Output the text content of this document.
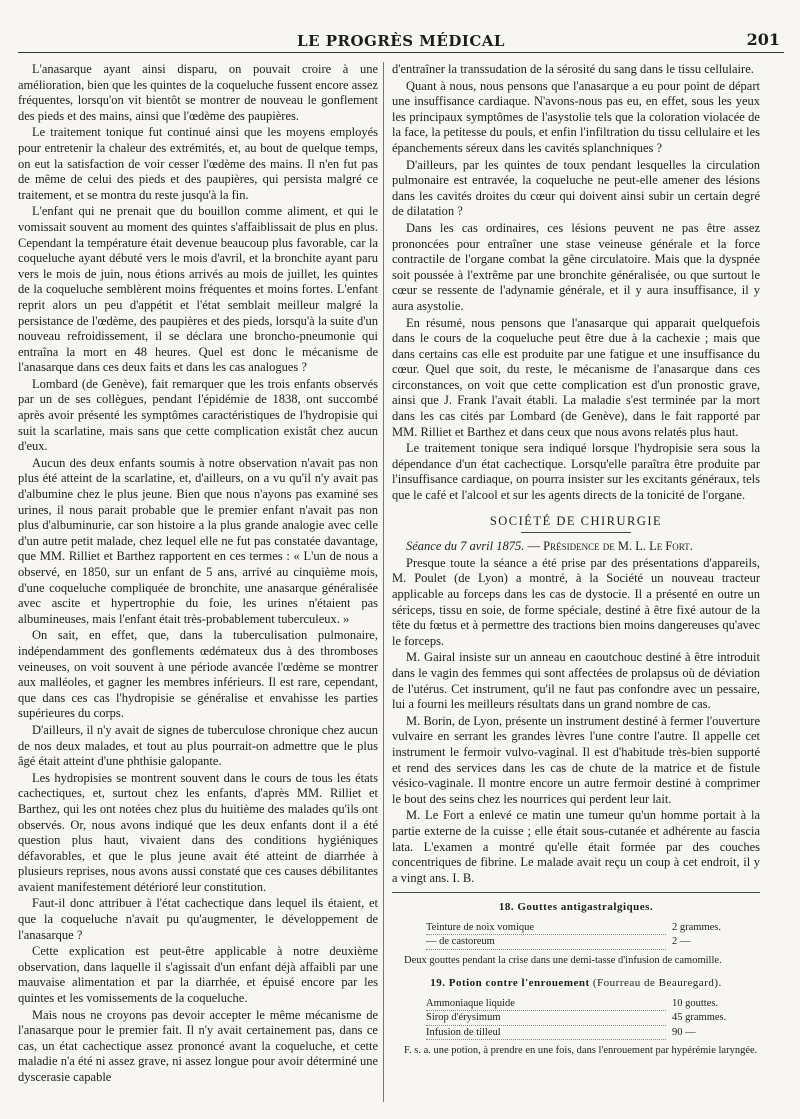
LE PROGRÈS MÉDICAL	201

L'anasarque ayant ainsi disparu, on pouvait croire à une amélioration, bien que les quintes de la coqueluche fussent encore assez fréquentes, lorsqu'on vit bientôt se montrer de nouveau le gonflement des pieds et des mains, ainsi que l'œdème des paupières.

Le traitement tonique fut continué ainsi que les moyens employés pour entretenir la chaleur des extrémités, et, au bout de quelque temps, on eut la satisfaction de voir cesser l'œdème des mains. Il n'en fut pas de même de celui des pieds et des paupières, qui persista malgré ce traitement, et se montra du reste jusqu'à la fin.

L'enfant qui ne prenait que du bouillon comme aliment, et qui le vomissait souvent au moment des quintes s'affaiblissait de plus en plus. Cependant la température était devenue beaucoup plus favorable, car la coqueluche ayant débuté vers le mois d'avril, et la bronchite ayant paru vers le mois de juin, nous étions arrivés au mois de juillet, les quintes de la coqueluche semblèrent moins fréquentes et moins fortes. L'enfant reprit alors un peu d'appétit et l'état semblait meilleur malgré la persistance de l'œdème, des paupières et des pieds, lorsqu'à la suite d'un nouveau refroidissement, il se déclara une broncho-pneumonie qui entraîna la mort en 48 heures. Quel est donc le mécanisme de l'anasarque dans ces deux faits et dans les cas analogues ?

Lombard (de Genève), fait remarquer que les trois enfants observés par un de ses collègues, pendant l'épidémie de 1838, ont succombé après avoir présenté les symptômes caractéristiques de l'hydropisie qui suit la scarlatine, mais sans que cette complication existât chez aucun d'eux.

Aucun des deux enfants soumis à notre observation n'avait pas non plus été atteint de la scarlatine, et, d'ailleurs, on a vu qu'il n'y avait pas d'albumine chez le plus jeune. Bien que nous n'ayons pas examiné ses urines, il nous parait probable que le premier enfant n'avait pas non plus d'albuminurie, car son histoire a la plus grande analogie avec celle d'un autre petit malade, chez lequel elle ne fut pas constatée davantage, que MM. Rilliet et Barthez rapportent en ces termes : « L'un de nous a observé, en 1850, sur un enfant de 5 ans, arrivé au cinquième mois, d'une coqueluche compliquée de bronchite, une anasarque généralisée avec ascite et hypertrophie du foie, les urines n'étaient pas albumineuses, mais l'enfant était très-probablement tuberculeux. »

On sait, en effet, que, dans la tuberculisation pulmonaire, indépendamment des gonflements œdémateux dus à des thromboses veineuses, on voit souvent à une période avancée l'œdème se montrer aux malléoles, et gagner les membres inférieurs. Il est rare, cependant, que dans ces cas l'hydropisie se généralise et envahisse les parties supérieures du corps.

D'ailleurs, il n'y avait de signes de tuberculose chronique chez aucun de nos deux malades, et tout au plus pourrait-on admettre que le plus âgé était atteint d'une phthisie galopante.

Les hydropisies se montrent souvent dans le cours de tous les états cachectiques, et, surtout chez les enfants, d'après MM. Rilliet et Barthez, qui les ont notées chez plus du huitième des malades qu'ils ont observés. Or, nous avons indiqué que les deux enfants dont il a été question plus haut, vivaient dans des conditions hygiéniques défavorables, et que le plus jeune avait été atteint de diarrhée à plusieurs reprises, nous avons aussi constaté que ces causes débilitantes avaient manifestement détérioré leur constitution.

Faut-il donc attribuer à l'état cachectique dans lequel ils étaient, et que la coqueluche n'avait pu qu'augmenter, le développement de l'anasarque ?

Cette explication est peut-être applicable à notre deuxième observation, dans laquelle il s'agissait d'un enfant déjà affaibli par une mauvaise alimentation et par la diarrhée, et épuisé encore par les quintes et les vomissements de la coqueluche.

Mais nous ne croyons pas devoir accepter le même mécanisme de l'anasarque pour le premier fait. Il n'y avait certainement pas, dans ce cas, un état cachectique assez prononcé avant la coqueluche, et cette maladie n'a été ni assez grave, ni assez longue pour avoir déterminé une dyscerasie capable

d'entraîner la transsudation de la sérosité du sang dans le tissu cellulaire.

Quant à nous, nous pensons que l'anasarque a eu pour point de départ une insuffisance cardiaque. N'avons-nous pas eu, en effet, sous les yeux les principaux symptômes de l'asystolie tels que la coloration violacée de la face, la petitesse du pouls, et enfin l'infiltration du tissu cellulaire et les épanchements séreux dans les cavités splanchniques ?

D'ailleurs, par les quintes de toux pendant lesquelles la circulation pulmonaire est entravée, la coqueluche ne peut-elle amener des lésions dans les cavités droites du cœur qui doivent ainsi subir un certain degré de dilatation ?

Dans les cas ordinaires, ces lésions peuvent ne pas être assez prononcées pour entraîner une stase veineuse générale et la force contractile de l'organe combat la gêne circulatoire. Mais que la dyspnée soit poussée à l'extrême par une bronchite généralisée, ou que surtout le cœur se ressente de l'adynamie générale, et il y aura insuffisance, il y aura asystolie.

En résumé, nous pensons que l'anasarque qui apparait quelquefois dans le cours de la coqueluche peut être due à la cachexie ; mais que dans certains cas elle est produite par une fatigue et une insuffisance du cœur. Quel que soit, du reste, le mécanisme de l'anasarque dans ces circonstances, on voit que cette complication est d'un pronostic grave, ainsi que J. Frank l'avait établi. La maladie s'est terminée par la mort dans les cas cités par Lombard (de Genève), dans le fait rapporté par MM. Rilliet et Barthez et dans ceux que nous avons relatés plus haut.

Le traitement tonique sera indiqué lorsque l'hydropisie sera sous la dépendance d'un état cachectique. Lorsqu'elle paraîtra être produite par l'insuffisance cardiaque, on pourra insister sur les excitants généraux, tels que le café et l'alcool et sur les agents directs de la tonicité de l'organe.

SOCIÉTÉ DE CHIRURGIE

Séance du 7 avril 1875. — Présidence de M. L. Le Fort.

Presque toute la séance a été prise par des présentations d'appareils, M. Poulet (de Lyon) a montré, à la Société un nouveau tracteur applicable au forceps dans les cas de dystocie. Il a présenté en outre un sériceps, tissu en soie, de forme spéciale, destiné à être fixé autour de la tête du fœtus et à permettre des tractions bien moins dangereuses qu'avec le forceps.

M. Gairal insiste sur un anneau en caoutchouc destiné à être introduit dans le vagin des femmes qui sont affectées de prolapsus où de déviation de l'utérus. Cet instrument, qu'il ne faut pas confondre avec un pessaire, lui a fourni les meilleurs résultats dans un grand nombre de cas.

M. Borin, de Lyon, présente un instrument destiné à fermer l'ouverture vulvaire en serrant les grandes lèvres l'une contre l'autre. Il appelle cet instrument le fermoir vulvo-vaginal. Il est d'habitude très-bien supporté et rend des services dans les cas de chute de la matrice et de fistule vésico-vaginale. Il montre encore un autre fermoir destiné à comprimer le bout des seins chez les nourrices qui perdent leur lait.

M. Le Fort a enlevé ce matin une tumeur qu'un homme portait à la partie externe de la cuisse ; elle était sous-cutanée et adhérente au fascia lata. L'examen a montré qu'elle était formée par des couches concentriques de fibrine. Le malade avait reçu un coup à cet endroit, il y a vingt ans. I. B.

18. Gouttes antigastralgiques.
Teinture de noix vomique	2 grammes.
— de castoreum	2 —
Deux gouttes pendant la crise dans une demi-tasse d'infusion de camomille.
19. Potion contre l'enrouement (Fourreau de Beauregard).
Ammoniaque liquide	10 gouttes.
Sirop d'érysimum	45 grammes.
Infusion de tilleul	90 —
F. s. a. une potion, à prendre en une fois, dans l'enrouement par hypérémie laryngée.
